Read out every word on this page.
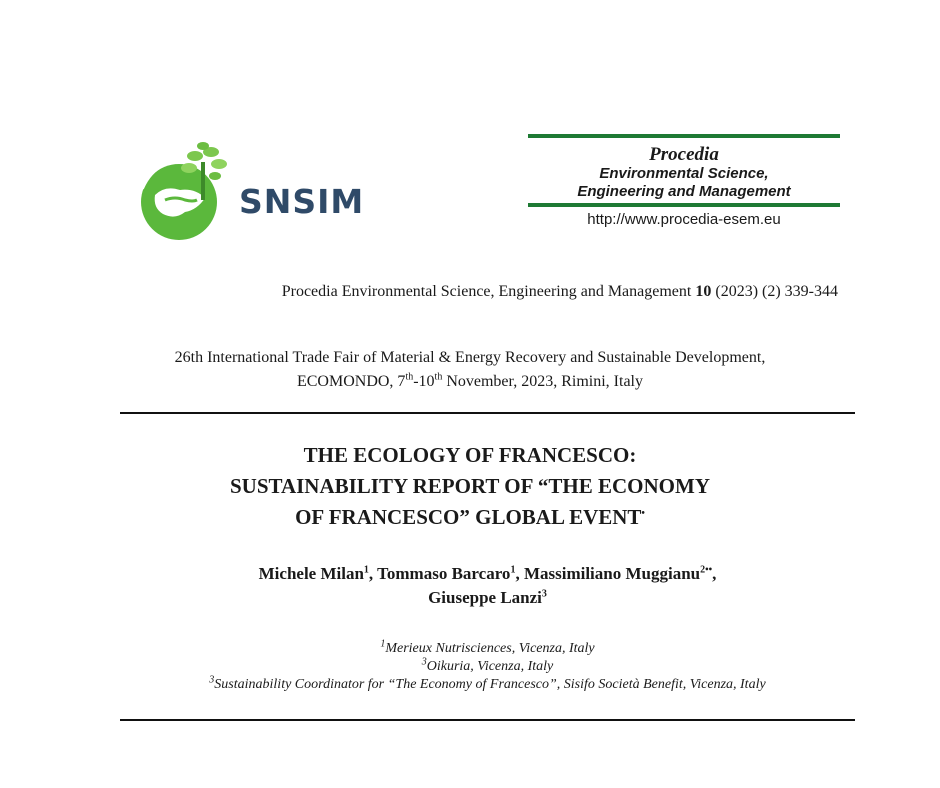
SNSIM
Procedia
Environmental Science,
Engineering and Management
http://www.procedia-esem.eu
Procedia Environmental Science, Engineering and Management 10 (2023) (2) 339-344
26th International Trade Fair of Material & Energy Recovery and Sustainable Development,
ECOMONDO, 7th-10th November, 2023, Rimini, Italy
THE ECOLOGY OF FRANCESCO:
SUSTAINABILITY REPORT OF “THE ECONOMY
OF FRANCESCO” GLOBAL EVENT•
Michele Milan$^1$, Tommaso Barcaro$^1$, Massimiliano Muggianu$^{2••}$,
Giuseppe Lanzi$^3$
$^1$Merieux Nutrisciences, Vicenza, Italy
$^3$Oikuria, Vicenza, Italy
$^3$Sustainability Coordinator for “The Economy of Francesco”, Sisifo Società Benefit, Vicenza, Italy
